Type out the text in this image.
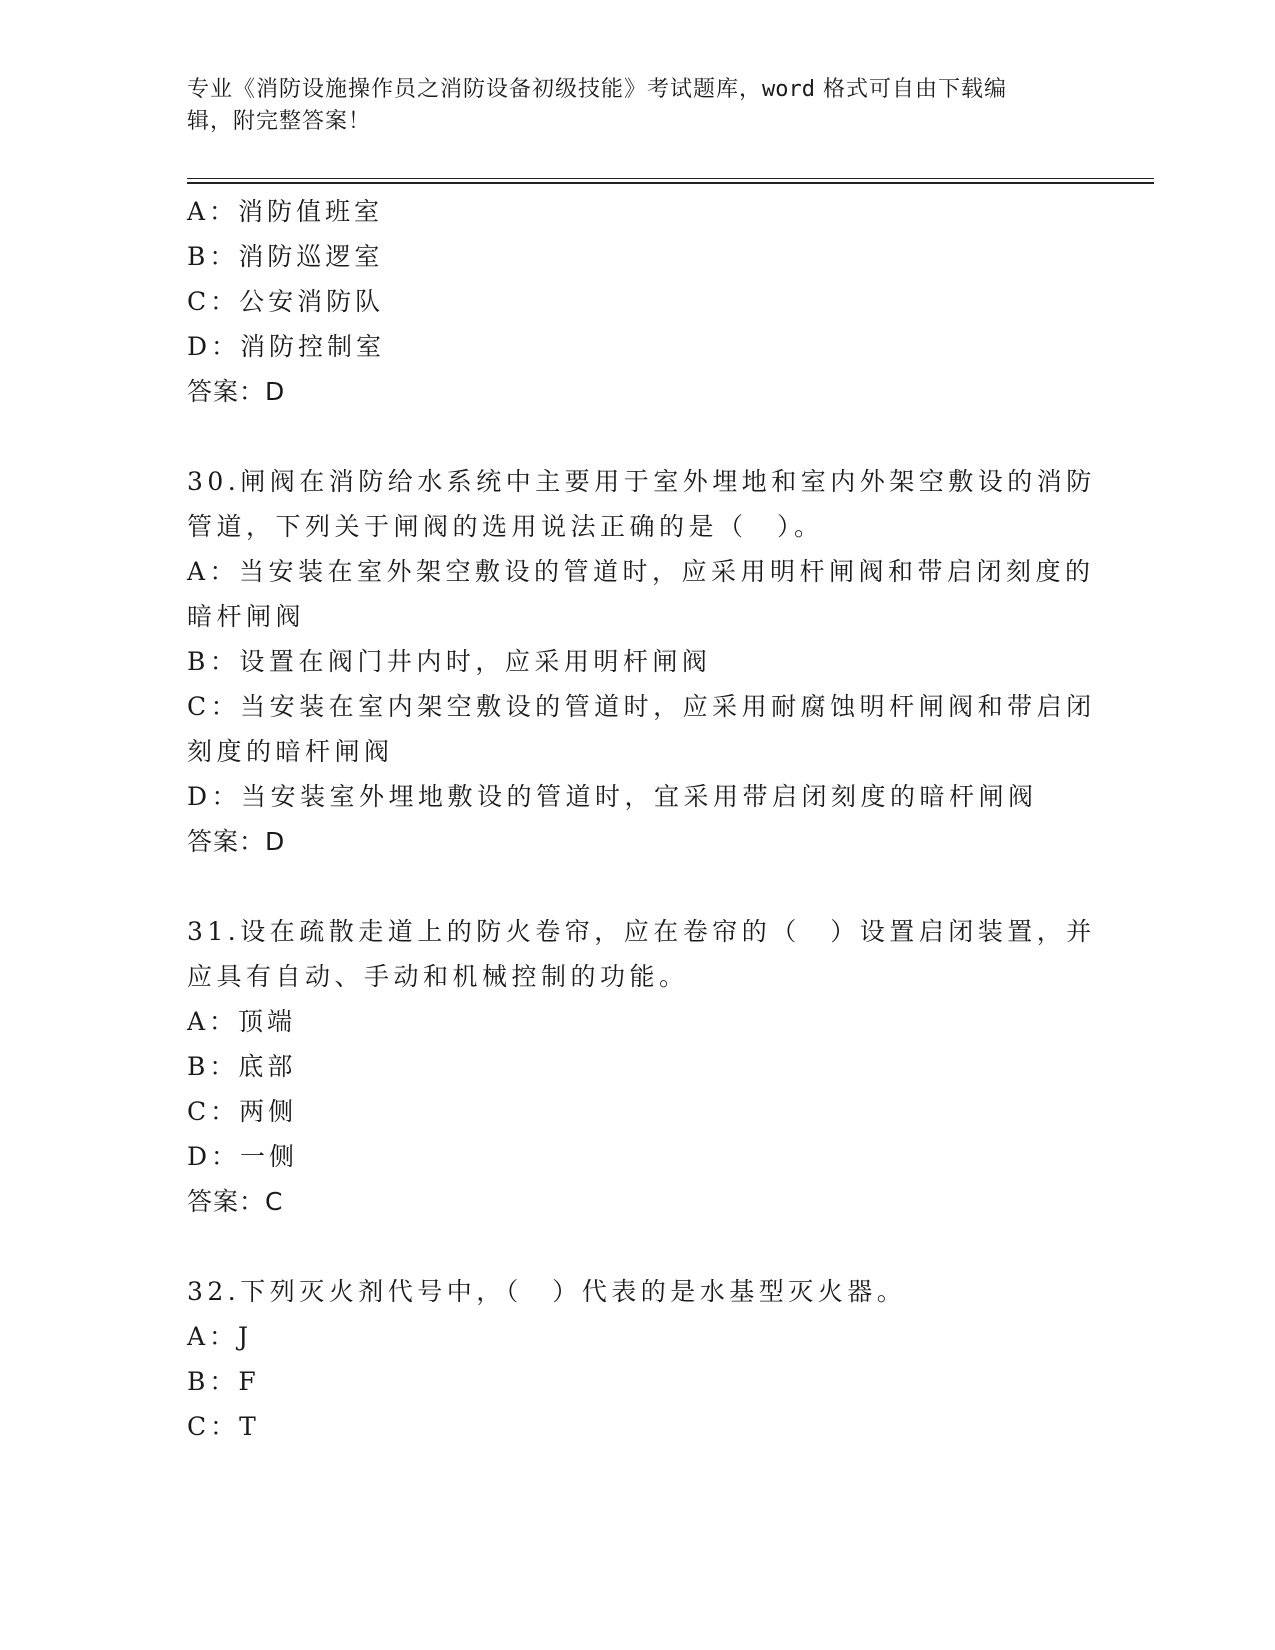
专业《消防设施操作员之消防设备初级技能》考试题库，word 格式可自由下载编
辑，附完整答案！
A：消防值班室
B：消防巡逻室
C：公安消防队
D：消防控制室
答案：D
30.闸阀在消防给水系统中主要用于室外埋地和室内外架空敷设的消防
管道，下列关于闸阀的选用说法正确的是（　）。
A：当安装在室外架空敷设的管道时，应采用明杆闸阀和带启闭刻度的
暗杆闸阀
B：设置在阀门井内时，应采用明杆闸阀
C：当安装在室内架空敷设的管道时，应采用耐腐蚀明杆闸阀和带启闭
刻度的暗杆闸阀
D：当安装室外埋地敷设的管道时，宜采用带启闭刻度的暗杆闸阀
答案：D
31.设在疏散走道上的防火卷帘，应在卷帘的（　）设置启闭装置，并
应具有自动、手动和机械控制的功能。
A：顶端
B：底部
C：两侧
D：一侧
答案：C
32.下列灭火剂代号中，（　）代表的是水基型灭火器。
A：J
B：F
C：T
